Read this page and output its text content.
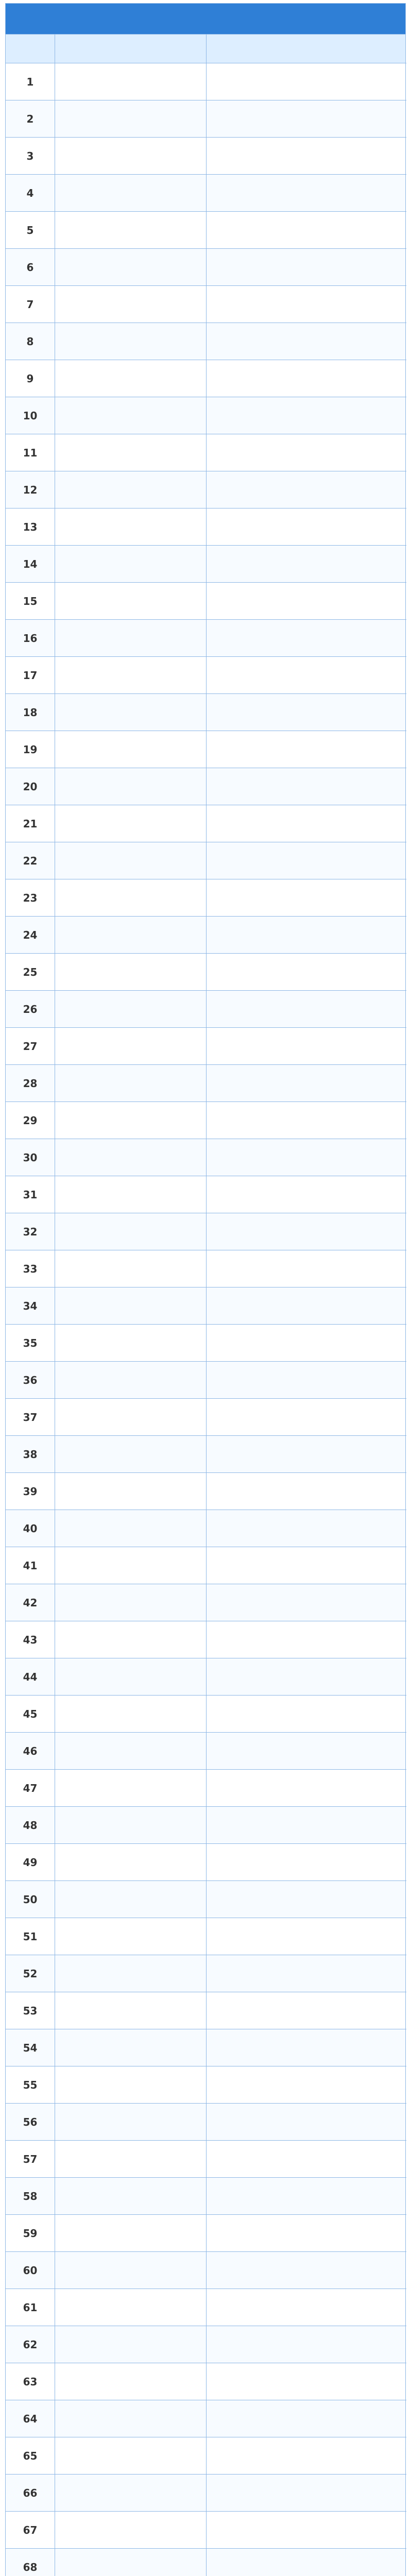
1
2
3
4
5
6
7
8
9
10
11
12
13
14
15
16
17
18
19
20
21
22
23
24
25
26
27
28
29
30
31
32
33
34
35
36
37
38
39
40
41
42
43
44
45
46
47
48
49
50
51
52
53
54
55
56
57
58
59
60
61
62
63
64
65
66
67
68
